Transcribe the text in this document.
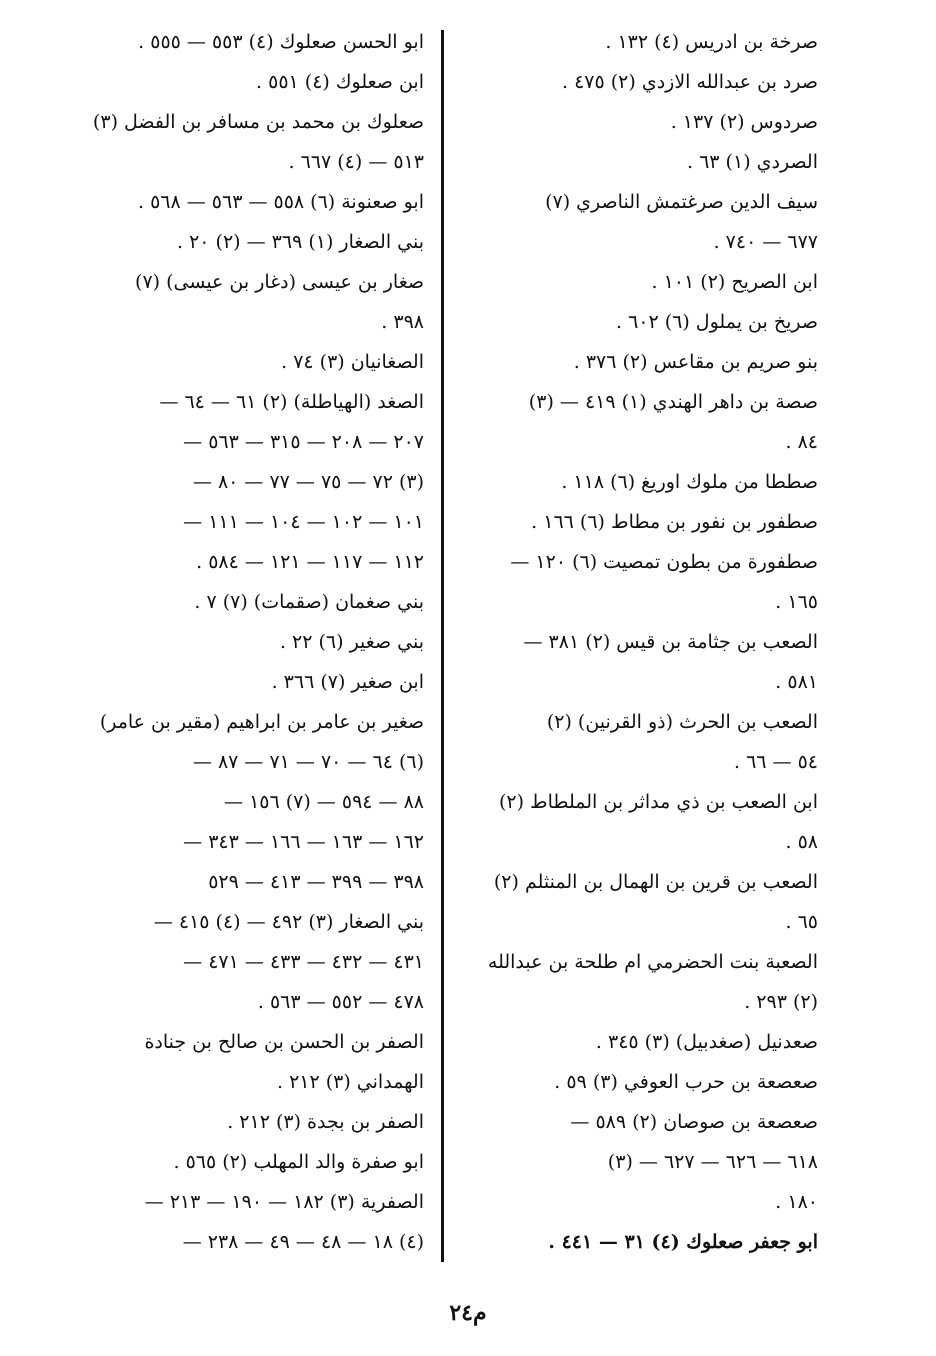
صرخة بن ادريس (٤) ١٣٢ .
صرد بن عبدالله الازدي (٢) ٤٧٥ .
صردوس (٢) ١٣٧ .
الصردي (١) ٦٣ .
سيف الدين صرغتمش الناصري (٧)
٦٧٧ — ٧٤٠ .
ابن الصريح (٢) ١٠١ .
صريخ بن يملول (٦) ٦٠٢ .
بنو صريم بن مقاعس (٢) ٣٧٦ .
صصة بن داهر الهندي (١) ٤١٩ — (٣)
٨٤ .
صططا من ملوك اوريغ (٦) ١١٨ .
صطفور بن نفور بن مطاط (٦) ١٦٦ .
صطفورة من بطون تمصيت (٦) ١٢٠ —
١٦٥ .
الصعب بن جثامة بن قيس (٢) ٣٨١ —
٥٨١ .
الصعب بن الحرث (ذو القرنين) (٢)
٥٤ — ٦٦ .
ابن الصعب بن ذي مداثر بن الملطاط (٢)
٥٨ .
الصعب بن قرين بن الهمال بن المنثلم (٢)
٦٥ .
الصعبة بنت الحضرمي ام طلحة بن عبدالله
(٢) ٢٩٣ .
صعدنيل (صغدبيل) (٣) ٣٤٥ .
صعصعة بن حرب العوفي (٣) ٥٩ .
صعصعة بن صوصان (٢) ٥٨٩ —
٦١٨ — ٦٢٦ — ٦٢٧ — (٣)
١٨٠ .
ابو جعفر صعلوك (٤) ٣١ — ٤٤١ .
ابو الحسن صعلوك (٤) ٥٥٣ — ٥٥٥ .
ابن صعلوك (٤) ٥٥١ .
صعلوك بن محمد بن مسافر بن الفضل (٣)
٥١٣ — (٤) ٦٦٧ .
ابو صعنونة (٦) ٥٥٨ — ٥٦٣ — ٥٦٨ .
بني الصغار (١) ٣٦٩ — (٢) ٢٠ .
صغار بن عيسى (دغار بن عيسى) (٧)
٣٩٨ .
الصغانيان (٣) ٧٤ .
الصغد (الهياطلة) (٢) ٦١ — ٦٤ —
٢٠٧ — ٢٠٨ — ٣١٥ — ٥٦٣ —
(٣) ٧٢ — ٧٥ — ٧٧ — ٨٠ —
١٠١ — ١٠٢ — ١٠٤ — ١١١ —
١١٢ — ١١٧ — ١٢١ — ٥٨٤ .
بني صغمان (صقمات) (٧) ٧ .
بني صغير (٦) ٢٢ .
ابن صغير (٧) ٣٦٦ .
صغير بن عامر بن ابراهيم (مقير بن عامر)
(٦) ٦٤ — ٧٠ — ٧١ — ٨٧ —
٨٨ — ٥٩٤ — (٧) ١٥٦ —
١٦٢ — ١٦٣ — ١٦٦ — ٣٤٣ —
٣٩٨ — ٣٩٩ — ٤١٣ — ٥٢٩
بني الصغار (٣) ٤٩٢ — (٤) ٤١٥ —
٤٣١ — ٤٣٢ — ٤٣٣ — ٤٧١ —
٤٧٨ — ٥٥٢ — ٥٦٣ .
الصفر بن الحسن بن صالح بن جنادة
الهمداني (٣) ٢١٢ .
الصفر بن بجدة (٣) ٢١٢ .
ابو صفرة والد المهلب (٢) ٥٦٥ .
الصفرية (٣) ١٨٢ — ١٩٠ — ٢١٣ —
(٤) ١٨ — ٤٨ — ٤٩ — ٢٣٨ —
م٢٤
